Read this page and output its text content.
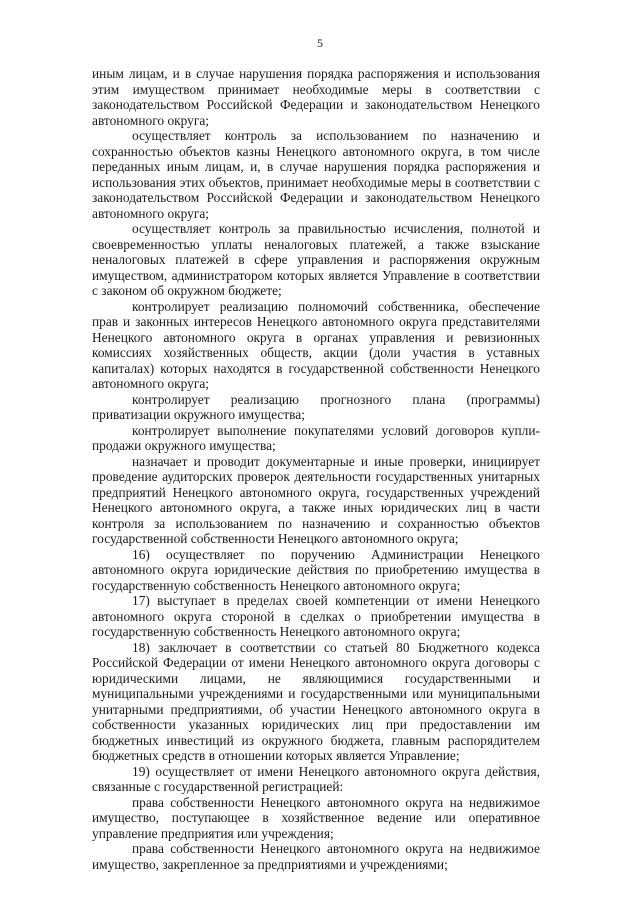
5

иным лицам, и в случае нарушения порядка распоряжения и использования этим имуществом принимает необходимые меры в соответствии с законодательством Российской Федерации и законодательством Ненецкого автономного округа;

осуществляет контроль за использованием по назначению и сохранностью объектов казны Ненецкого автономного округа, в том числе переданных иным лицам, и, в случае нарушения порядка распоряжения и использования этих объектов, принимает необходимые меры в соответствии с законодательством Российской Федерации и законодательством Ненецкого автономного округа;

осуществляет контроль за правильностью исчисления, полнотой и своевременностью уплаты неналоговых платежей, а также взыскание неналоговых платежей в сфере управления и распоряжения окружным имуществом, администратором которых является Управление в соответствии с законом об окружном бюджете;

контролирует реализацию полномочий собственника, обеспечение прав и законных интересов Ненецкого автономного округа представителями Ненецкого автономного округа в органах управления и ревизионных комиссиях хозяйственных обществ, акции (доли участия в уставных капиталах) которых находятся в государственной собственности Ненецкого автономного округа;

контролирует реализацию прогнозного плана (программы) приватизации окружного имущества;

контролирует выполнение покупателями условий договоров купли-продажи окружного имущества;

назначает и проводит документарные и иные проверки, инициирует проведение аудиторских проверок деятельности государственных унитарных предприятий Ненецкого автономного округа, государственных учреждений Ненецкого автономного округа, а также иных юридических лиц в части контроля за использованием по назначению и сохранностью объектов государственной собственности Ненецкого автономного округа;

16) осуществляет по поручению Администрации Ненецкого автономного округа юридические действия по приобретению имущества в государственную собственность Ненецкого автономного округа;

17) выступает в пределах своей компетенции от имени Ненецкого автономного округа стороной в сделках о приобретении имущества в государственную собственность Ненецкого автономного округа;

18) заключает в соответствии со статьей 80 Бюджетного кодекса Российской Федерации от имени Ненецкого автономного округа договоры с юридическими лицами, не являющимися государственными и муниципальными учреждениями и государственными или муниципальными унитарными предприятиями, об участии Ненецкого автономного округа в собственности указанных юридических лиц при предоставлении им бюджетных инвестиций из окружного бюджета, главным распорядителем бюджетных средств в отношении которых является Управление;

19) осуществляет от имени Ненецкого автономного округа действия, связанные с государственной регистрацией:

права собственности Ненецкого автономного округа на недвижимое имущество, поступающее в хозяйственное ведение или оперативное управление предприятия или учреждения;

права собственности Ненецкого автономного округа на недвижимое имущество, закрепленное за предприятиями и учреждениями;
